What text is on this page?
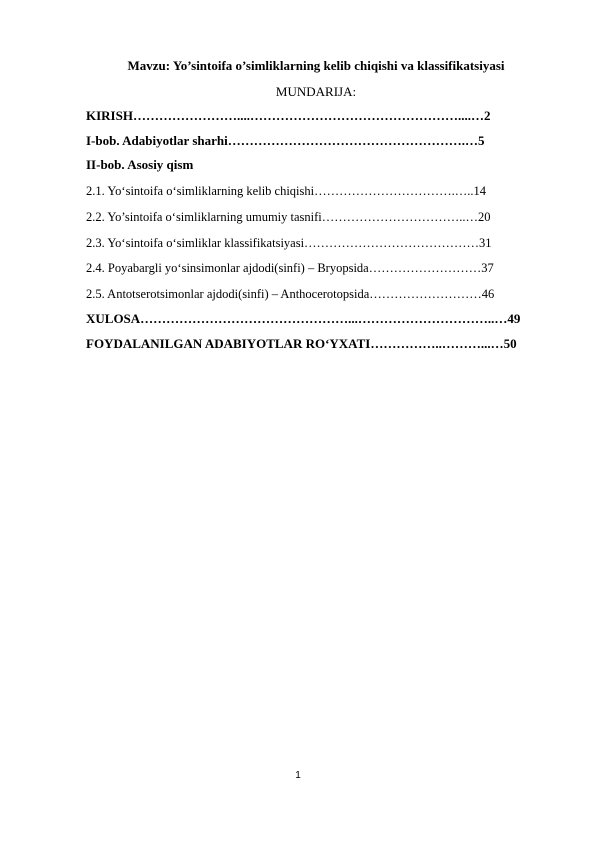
Mavzu: Yo’sintoifa o’simliklarning kelib chiqishi va klassifikatsiyasi
MUNDARIJA:
KIRISH……………………....…………………………………………....…2
I-bob. Adabiyotlar sharhi……………………………………………….…5
II-bob. Asosiy qism
2.1. Yo‘sintoifa o‘simliklarning kelib chiqishi…………………………….…..14
2.2. Yo’sintoifa o‘simliklarning umumiy tasnifi……………………………..…20
2.3. Yo‘sintoifa o‘simliklar klassifikatsiyasi……………………………………31
2.4. Poyabargli yo‘sinsimonlar ajdodi(sinfi) – Bryopsida………………………37
2.5. Antotserotsimonlar ajdodi(sinfi) – Anthocerotopsida………………………46
XULOSA…………………………………………...…………………………..…49
FOYDALANILGAN ADABIYOTLAR RO‘YXATI……………..………...…50
1
